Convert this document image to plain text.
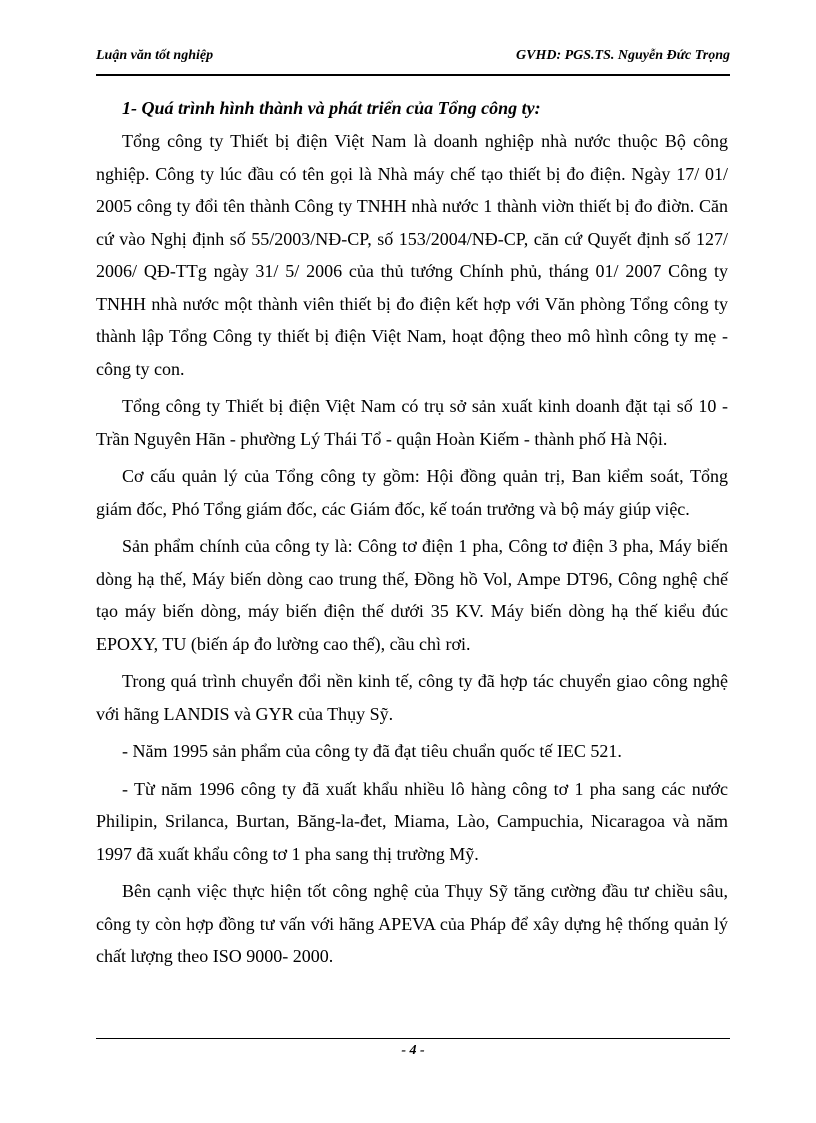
Luận văn tốt nghiệp	GVHD: PGS.TS. Nguyễn Đức Trọng

1- Quá trình hình thành và phát triển của Tổng công ty:

Tổng công ty Thiết bị điện Việt Nam là doanh nghiệp nhà nước thuộc Bộ công nghiệp. Công ty lúc đầu có tên gọi là Nhà máy chế tạo thiết bị đo điện. Ngày 17/ 01/ 2005 công ty đổi tên thành Công ty TNHH nhà nước 1 thành viờn thiết bị đo điờn. Căn cứ vào Nghị định số 55/2003/NĐ-CP, số 153/2004/NĐ-CP, căn cứ Quyết định số 127/ 2006/ QĐ-TTg ngày 31/ 5/ 2006 của thủ tướng Chính phủ, tháng 01/ 2007 Công ty TNHH nhà nước một thành viên thiết bị đo điện kết hợp với Văn phòng Tổng công ty thành lập Tổng Công ty thiết bị điện Việt Nam, hoạt động theo mô hình công ty mẹ - công ty con.

Tổng công ty Thiết bị điện Việt Nam có trụ sở sản xuất kinh doanh đặt tại số 10 - Trần Nguyên Hãn - phường Lý Thái Tổ - quận Hoàn Kiếm - thành phố Hà Nội.

Cơ cấu quản lý của Tổng công ty gồm: Hội đồng quản trị, Ban kiểm soát, Tổng giám đốc, Phó Tổng giám đốc, các Giám đốc, kế toán trưởng và bộ máy giúp việc.

Sản phẩm chính của công ty là: Công tơ điện 1 pha, Công tơ điện 3 pha, Máy biến dòng hạ thế, Máy biến dòng cao trung thế, Đồng hồ Vol, Ampe DT96, Công nghệ chế tạo máy biến dòng, máy biến điện thế dưới 35 KV. Máy biến dòng hạ thế kiểu đúc EPOXY, TU (biến áp đo lường cao thế), cầu chì rơi.

Trong quá trình chuyển đổi nền kinh tế, công ty đã hợp tác chuyển giao công nghệ với hãng LANDIS và GYR của Thụy Sỹ.

- Năm 1995 sản phẩm của công ty đã đạt tiêu chuẩn quốc tế IEC 521.

- Từ năm 1996 công ty đã xuất khẩu nhiều lô hàng công tơ 1 pha sang các nước Philipin, Srilanca, Burtan, Băng-la-đet, Miama, Lào, Campuchia, Nicaragoa và năm 1997 đã xuất khẩu công tơ 1 pha sang thị trường Mỹ.

Bên cạnh việc thực hiện tốt công nghệ của Thụy Sỹ tăng cường đầu tư chiều sâu, công ty còn hợp đồng tư vấn với hãng APEVA của Pháp để xây dựng hệ thống quản lý chất lượng theo ISO 9000- 2000.

- 4 -
